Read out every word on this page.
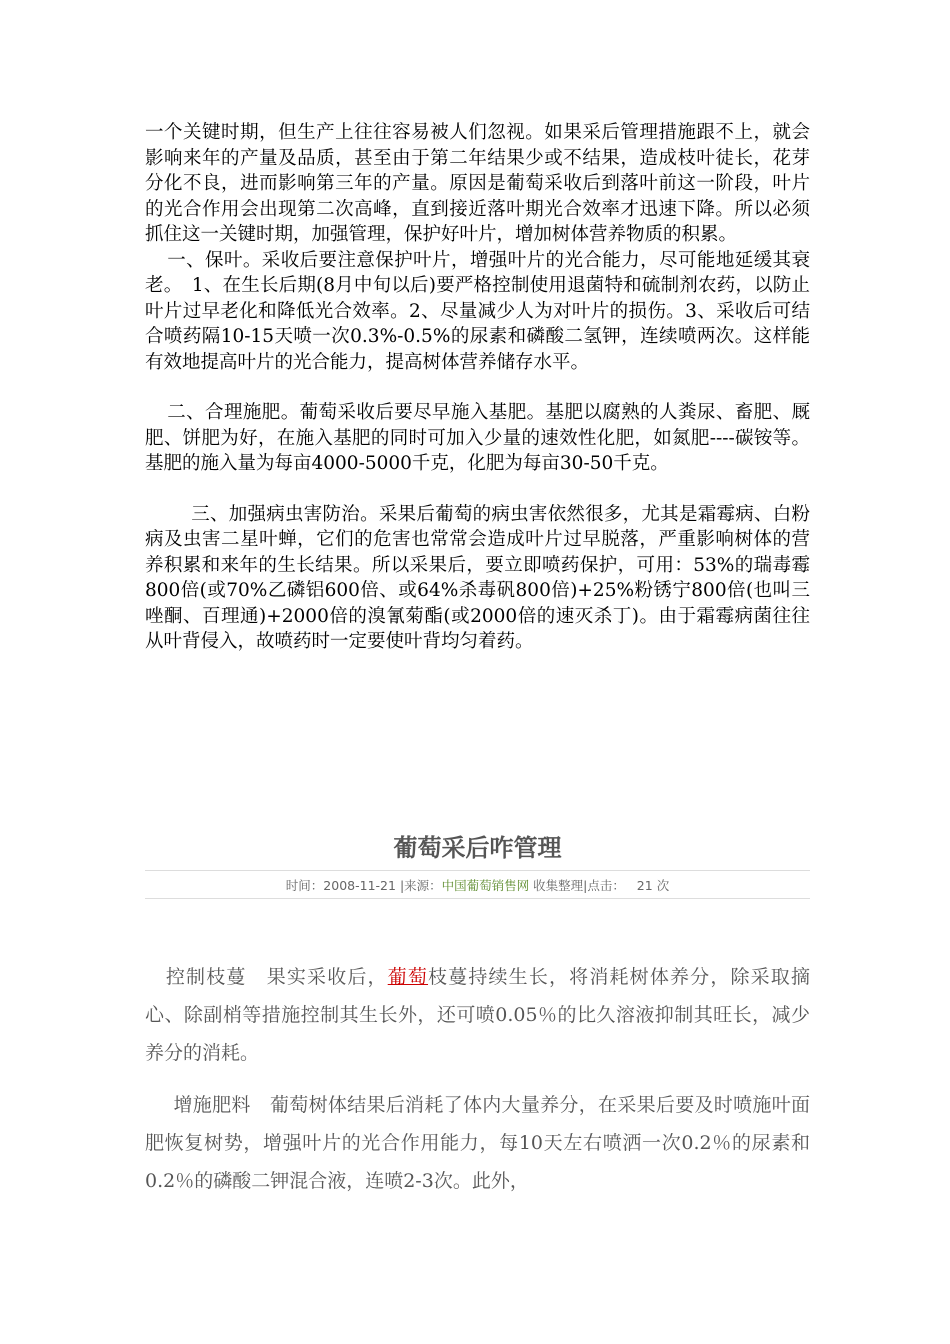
一个关键时期，但生产上往往容易被人们忽视。如果采后管理措施跟不上，就会影响来年的产量及品质，甚至由于第二年结果少或不结果，造成枝叶徒长，花芽分化不良，进而影响第三年的产量。原因是葡萄采收后到落叶前这一阶段，叶片的光合作用会出现第二次高峰，直到接近落叶期光合效率才迅速下降。所以必须抓住这一关键时期，加强管理，保护好叶片，增加树体营养物质的积累。

一、保叶。采收后要注意保护叶片，增强叶片的光合能力，尽可能地延缓其衰老。　1、在生长后期(8月中旬以后)要严格控制使用退菌特和硫制剂农药，以防止叶片过早老化和降低光合效率。2、尽量减少人为对叶片的损伤。3、采收后可结合喷药隔10-15天喷一次0.3%-0.5%的尿素和磷酸二氢钾，连续喷两次。这样能有效地提高叶片的光合能力，提高树体营养储存水平。

二、合理施肥。葡萄采收后要尽早施入基肥。基肥以腐熟的人粪尿、畜肥、厩肥、饼肥为好，在施入基肥的同时可加入少量的速效性化肥，如氮肥----碳铵等。基肥的施入量为每亩4000-5000千克，化肥为每亩30-50千克。

三、加强病虫害防治。采果后葡萄的病虫害依然很多，尤其是霜霉病、白粉病及虫害二星叶蝉，它们的危害也常常会造成叶片过早脱落，严重影响树体的营养积累和来年的生长结果。所以采果后，要立即喷药保护，可用：53%的瑞毒霉800倍(或70%乙磷铝600倍、或64%杀毒矾800倍)+25%粉锈宁800倍(也叫三唑酮、百理通)+2000倍的溴氰菊酯(或2000倍的速灭杀丁)。由于霜霉病菌往往从叶背侵入，故喷药时一定要使叶背均匀着药。

葡萄采后咋管理
时间：2008-11-21 |来源：中国葡萄销售网 收集整理|点击： 21 次

控制枝蔓　果实采收后，葡萄枝蔓持续生长，将消耗树体养分，除采取摘心、除副梢等措施控制其生长外，还可喷0.05％的比久溶液抑制其旺长，减少养分的消耗。

增施肥料　葡萄树体结果后消耗了体内大量养分，在采果后要及时喷施叶面肥恢复树势，增强叶片的光合作用能力，每10天左右喷洒一次0.2％的尿素和0.2％的磷酸二钾混合液，连喷2-3次。此外，
